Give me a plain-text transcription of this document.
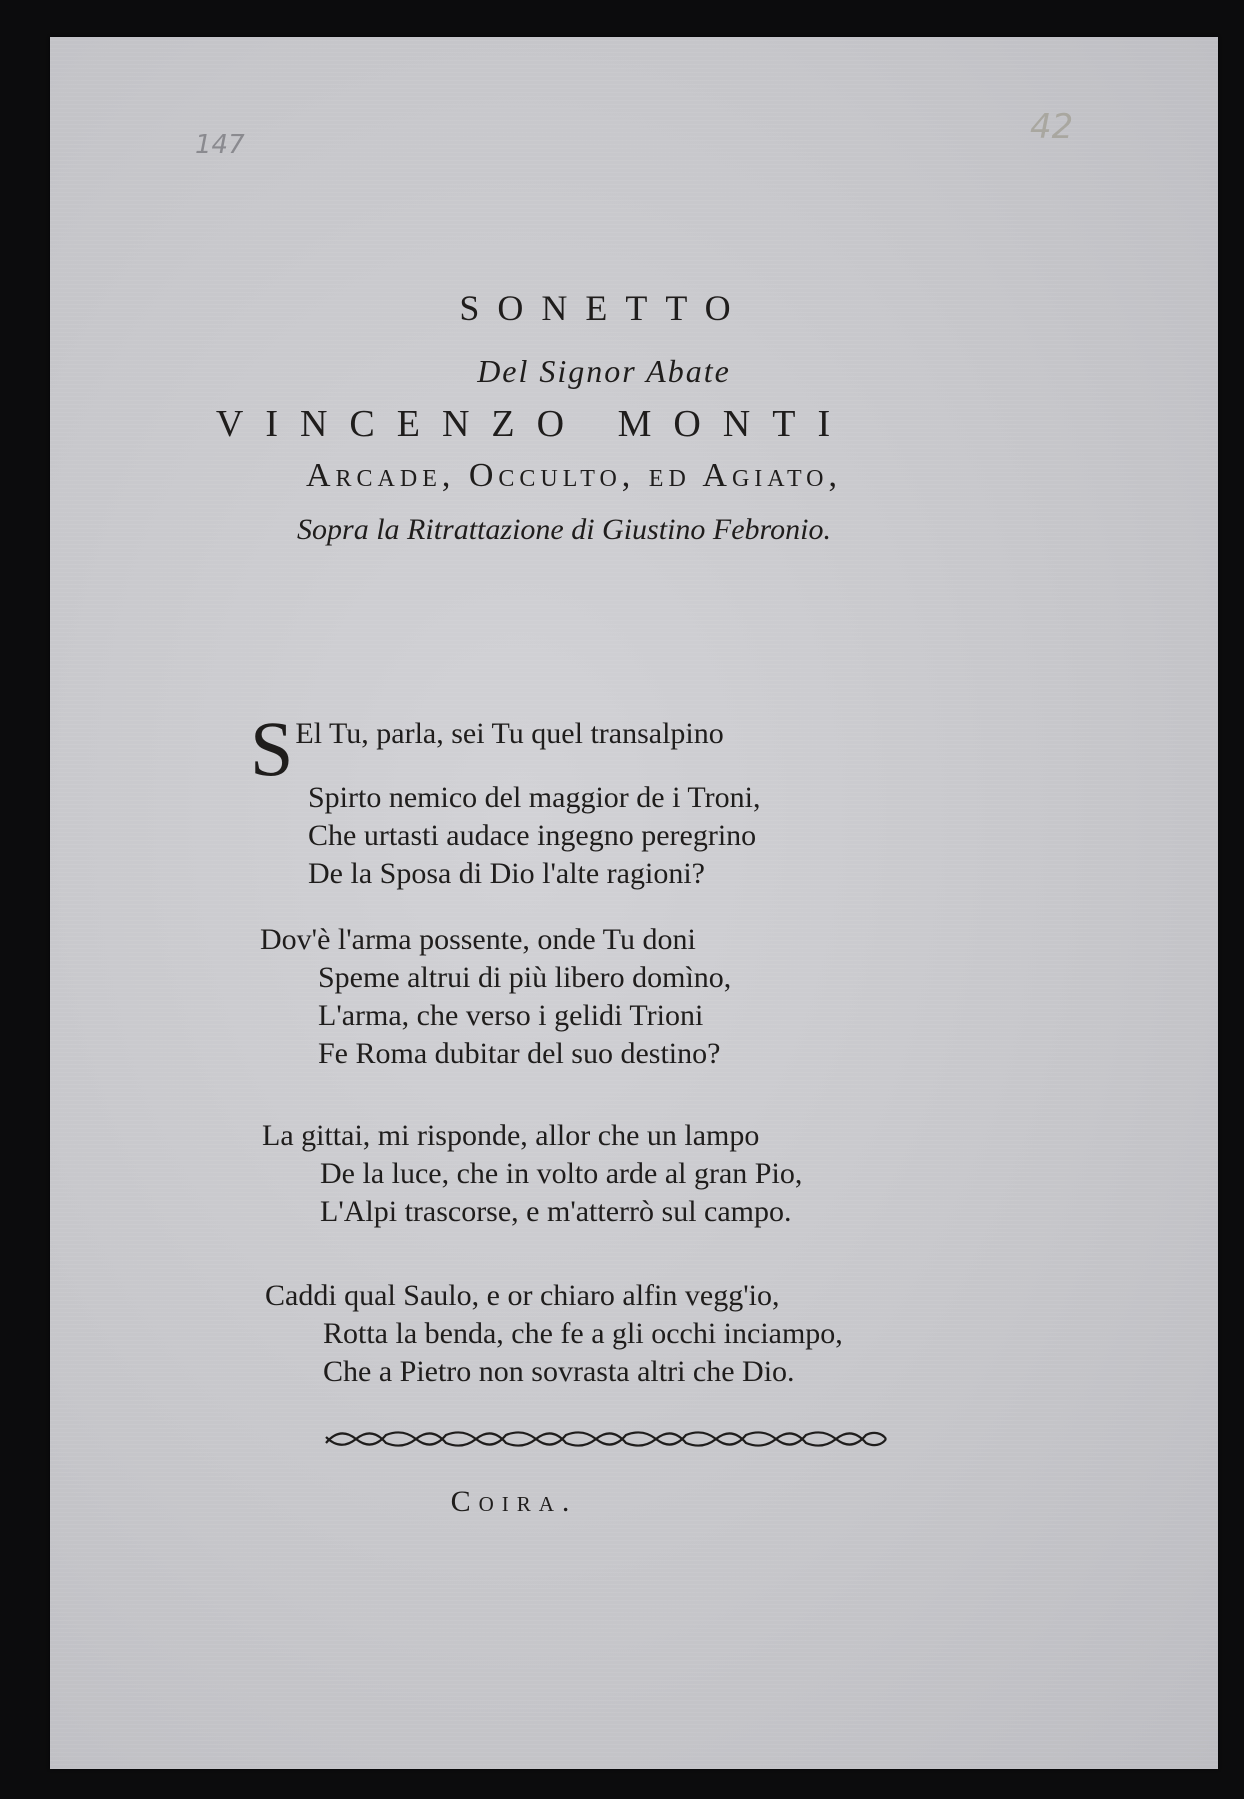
147	42
SONETTO
Del Signor Abate
VINCENZO MONTI
Arcade, Occulto, ed Agiato,
Sopra la Ritrattazione di Giustino Febronio.
S El Tu, parla, sei Tu quel transalpino
Spirto nemico del maggior de i Troni,
Che urtasti audace ingegno peregrino
De la Sposa di Dio l'alte ragioni?
Dov'è l'arma possente, onde Tu doni
Speme altrui di più libero domìno,
L'arma, che verso i gelidi Trioni
Fe Roma dubitar del suo destino?
La gittai, mi risponde, allor che un lampo
De la luce, che in volto arde al gran Pio,
L'Alpi trascorse, e m'atterrò sul campo.
Caddi qual Saulo, e or chiaro alfin vegg'io,
Rotta la benda, che fe a gli occhi inciampo,
Che a Pietro non sovrasta altri che Dio.
Coira.
